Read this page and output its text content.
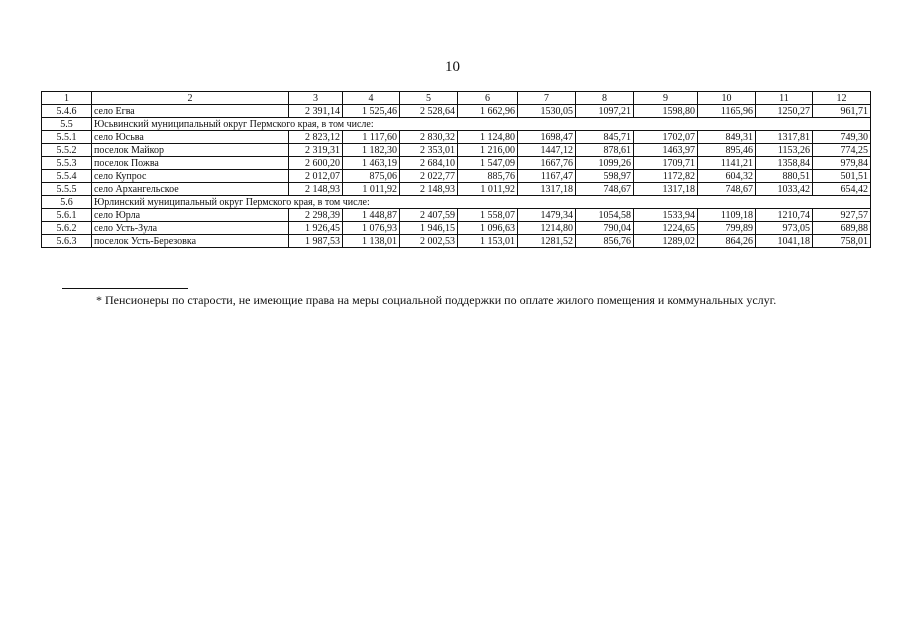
10
1	2	3	4	5	6	7	8	9	10	11	12
5.4.6	село Егва	2 391,14	1 525,46	2 528,64	1 662,96	1530,05	1097,21	1598,80	1165,96	1250,27	961,71
5.5	Юсьвинский муниципальный округ Пермского края, в том числе:										
5.5.1	село Юсьва	2 823,12	1 117,60	2 830,32	1 124,80	1698,47	845,71	1702,07	849,31	1317,81	749,30
5.5.2	поселок Майкор	2 319,31	1 182,30	2 353,01	1 216,00	1447,12	878,61	1463,97	895,46	1153,26	774,25
5.5.3	поселок Пожва	2 600,20	1 463,19	2 684,10	1 547,09	1667,76	1099,26	1709,71	1141,21	1358,84	979,84
5.5.4	село Купрос	2 012,07	875,06	2 022,77	885,76	1167,47	598,97	1172,82	604,32	880,51	501,51
5.5.5	село Архангельское	2 148,93	1 011,92	2 148,93	1 011,92	1317,18	748,67	1317,18	748,67	1033,42	654,42
5.6	Юрлинский муниципальный округ Пермского края, в том числе:										
5.6.1	село Юрла	2 298,39	1 448,87	2 407,59	1 558,07	1479,34	1054,58	1533,94	1109,18	1210,74	927,57
5.6.2	село Усть-Зула	1 926,45	1 076,93	1 946,15	1 096,63	1214,80	790,04	1224,65	799,89	973,05	689,88
5.6.3	поселок Усть-Березовка	1 987,53	1 138,01	2 002,53	1 153,01	1281,52	856,76	1289,02	864,26	1041,18	758,01
* Пенсионеры по старости, не имеющие права на меры социальной поддержки по оплате жилого помещения и коммунальных услуг.
